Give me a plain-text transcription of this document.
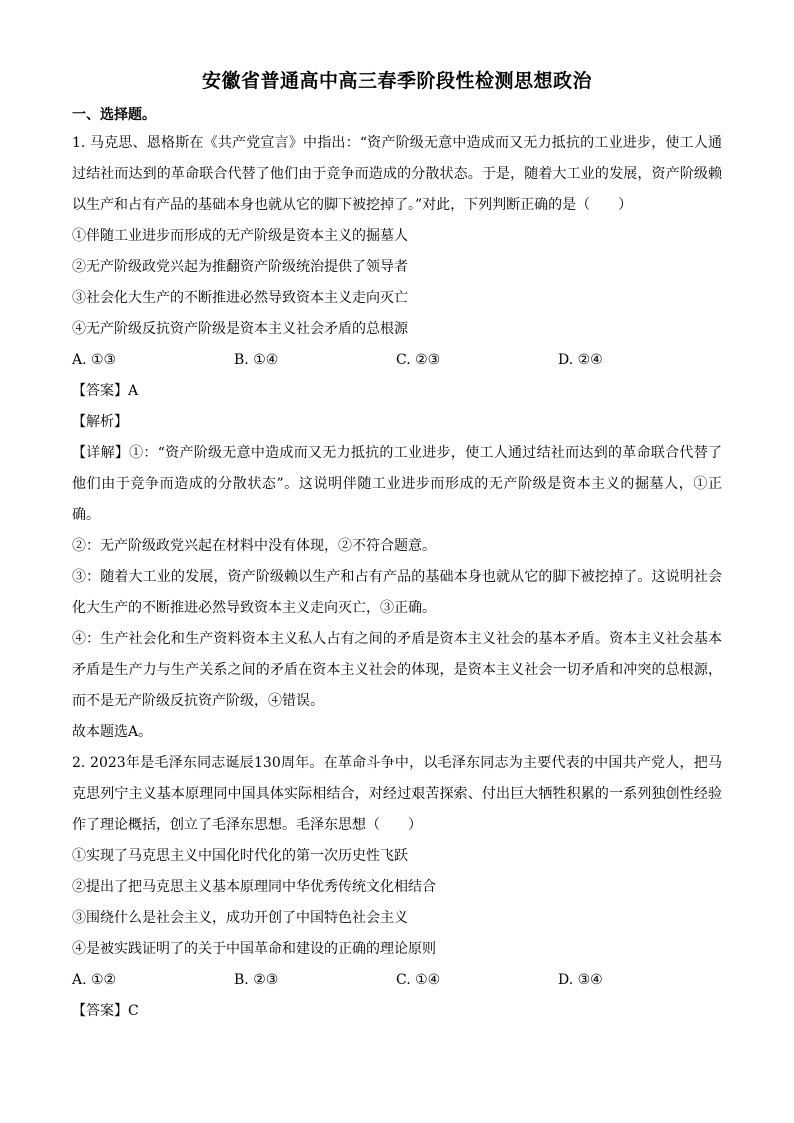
安徽省普通高中高三春季阶段性检测思想政治
一、选择题。
1. 马克思、恩格斯在《共产党宣言》中指出：“资产阶级无意中造成而又无力抵抗的工业进步，使工人通过结社而达到的革命联合代替了他们由于竞争而造成的分散状态。于是，随着大工业的发展，资产阶级赖以生产和占有产品的基础本身也就从它的脚下被挖掉了。”对此，下列判断正确的是（　　）
①伴随工业进步而形成的无产阶级是资本主义的掘墓人
②无产阶级政党兴起为推翻资产阶级统治提供了领导者
③社会化大生产的不断推进必然导致资本主义走向灭亡
④无产阶级反抗资产阶级是资本主义社会矛盾的总根源
A. ①③	B. ①④	C. ②③	D. ②④
【答案】A
【解析】
【详解】①：“资产阶级无意中造成而又无力抵抗的工业进步，使工人通过结社而达到的革命联合代替了他们由于竞争而造成的分散状态”。这说明伴随工业进步而形成的无产阶级是资本主义的掘墓人，①正确。
②：无产阶级政党兴起在材料中没有体现，②不符合题意。
③：随着大工业的发展，资产阶级赖以生产和占有产品的基础本身也就从它的脚下被挖掉了。这说明社会化大生产的不断推进必然导致资本主义走向灭亡，③正确。
④：生产社会化和生产资料资本主义私人占有之间的矛盾是资本主义社会的基本矛盾。资本主义社会基本矛盾是生产力与生产关系之间的矛盾在资本主义社会的体现，是资本主义社会一切矛盾和冲突的总根源，而不是无产阶级反抗资产阶级，④错误。
故本题选A。
2. 2023年是毛泽东同志诞辰130周年。在革命斗争中，以毛泽东同志为主要代表的中国共产党人，把马克思列宁主义基本原理同中国具体实际相结合，对经过艰苦探索、付出巨大牺牲积累的一系列独创性经验作了理论概括，创立了毛泽东思想。毛泽东思想（　　）
①实现了马克思主义中国化时代化的第一次历史性飞跃
②提出了把马克思主义基本原理同中华优秀传统文化相结合
③围绕什么是社会主义，成功开创了中国特色社会主义
④是被实践证明了的关于中国革命和建设的正确的理论原则
A. ①②	B. ②③	C. ①④	D. ③④
【答案】C
